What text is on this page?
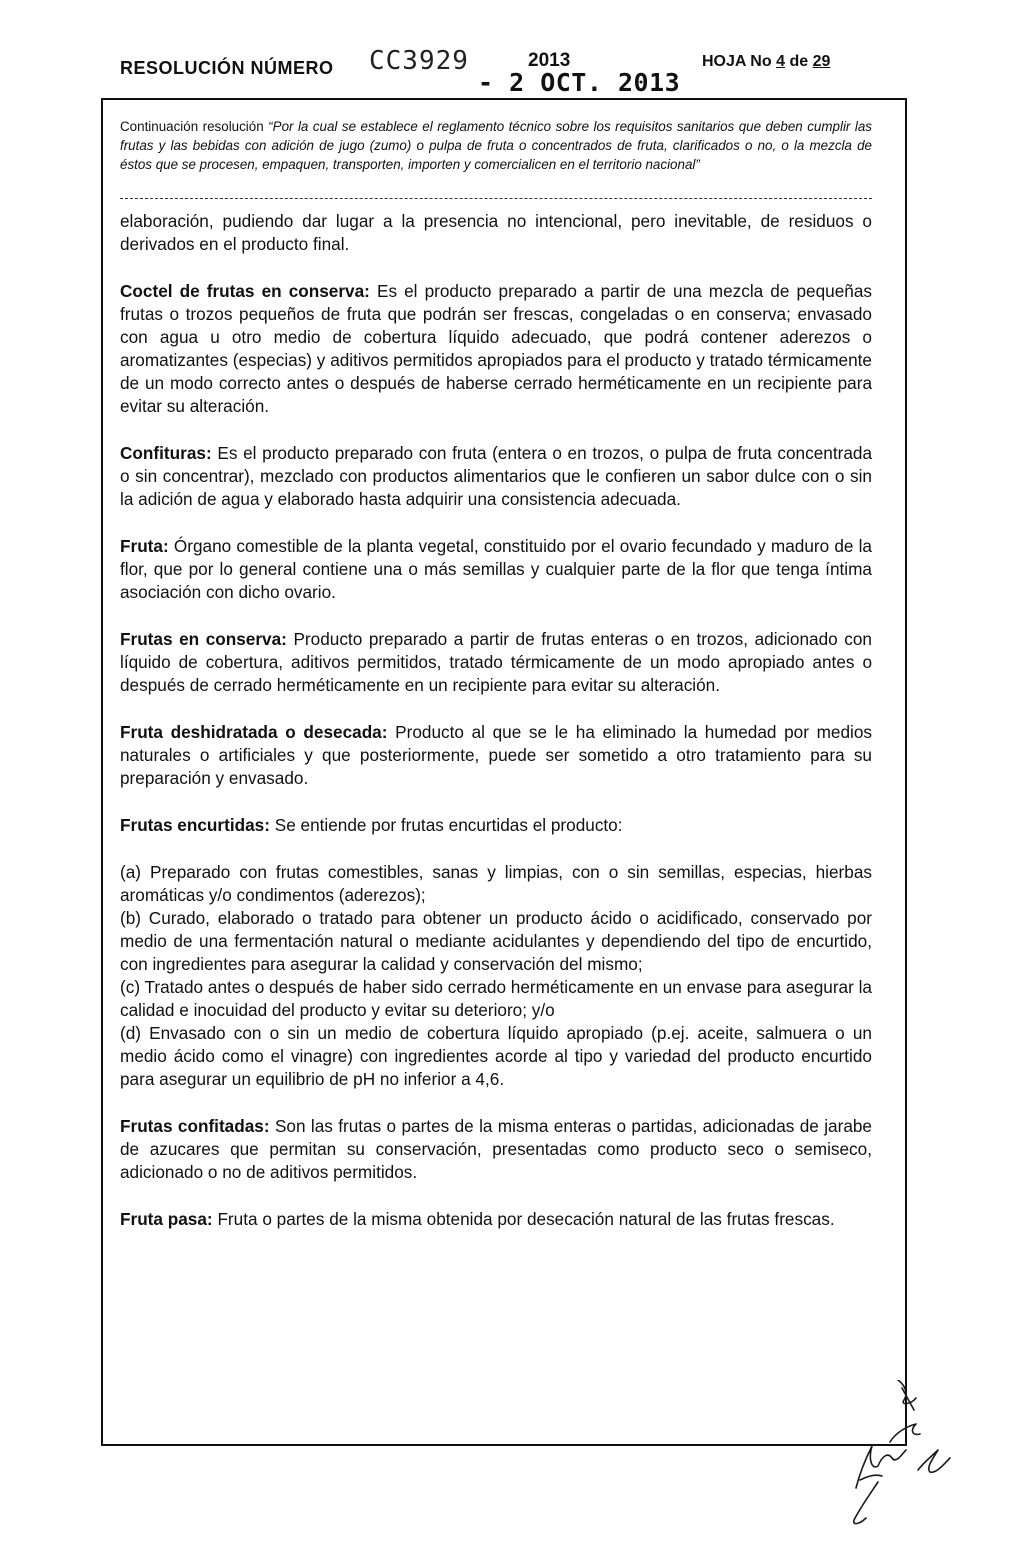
RESOLUCIÓN NÚMERO CC3929	2013
- 2 OCT. 2013
HOJA No 4 de 29
Continuación resolución “Por la cual se establece el reglamento técnico sobre los requisitos sanitarios que deben cumplir las frutas y las bebidas con adición de jugo (zumo) o pulpa de fruta o concentrados de fruta, clarificados o no, o la mezcla de éstos que se procesen, empaquen, transporten, importen y comercialicen en el territorio nacional”

elaboración, pudiendo dar lugar a la presencia no intencional, pero inevitable, de residuos o derivados en el producto final.

Coctel de frutas en conserva: Es el producto preparado a partir de una mezcla de pequeñas frutas o trozos pequeños de fruta que podrán ser frescas, congeladas o en conserva; envasado con agua u otro medio de cobertura líquido adecuado, que podrá contener aderezos o aromatizantes (especias) y aditivos permitidos apropiados para el producto y tratado térmicamente de un modo correcto antes o después de haberse cerrado herméticamente en un recipiente para evitar su alteración.

Confituras: Es el producto preparado con fruta (entera o en trozos, o pulpa de fruta concentrada o sin concentrar), mezclado con productos alimentarios que le confieren un sabor dulce con o sin la adición de agua y elaborado hasta adquirir una consistencia adecuada.

Fruta: Órgano comestible de la planta vegetal, constituido por el ovario fecundado y maduro de la flor, que por lo general contiene una o más semillas y cualquier parte de la flor que tenga íntima asociación con dicho ovario.

Frutas en conserva: Producto preparado a partir de frutas enteras o en trozos, adicionado con líquido de cobertura, aditivos permitidos, tratado térmicamente de un modo apropiado antes o después de cerrado herméticamente en un recipiente para evitar su alteración.

Fruta deshidratada o desecada: Producto al que se le ha eliminado la humedad por medios naturales o artificiales y que posteriormente, puede ser sometido a otro tratamiento para su preparación y envasado.

Frutas encurtidas: Se entiende por frutas encurtidas el producto:

(a) Preparado con frutas comestibles, sanas y limpias, con o sin semillas, especias, hierbas aromáticas y/o condimentos (aderezos);

(b) Curado, elaborado o tratado para obtener un producto ácido o acidificado, conservado por medio de una fermentación natural o mediante acidulantes y dependiendo del tipo de encurtido, con ingredientes para asegurar la calidad y conservación del mismo;

(c) Tratado antes o después de haber sido cerrado herméticamente en un envase para asegurar la calidad e inocuidad del producto y evitar su deterioro; y/o

(d) Envasado con o sin un medio de cobertura líquido apropiado (p.ej. aceite, salmuera o un medio ácido como el vinagre) con ingredientes acorde al tipo y variedad del producto encurtido para asegurar un equilibrio de pH no inferior a 4,6.

Frutas confitadas: Son las frutas o partes de la misma enteras o partidas, adicionadas de jarabe de azucares que permitan su conservación, presentadas como producto seco o semiseco, adicionado o no de aditivos permitidos.

Fruta pasa: Fruta o partes de la misma obtenida por desecación natural de las frutas frescas.
